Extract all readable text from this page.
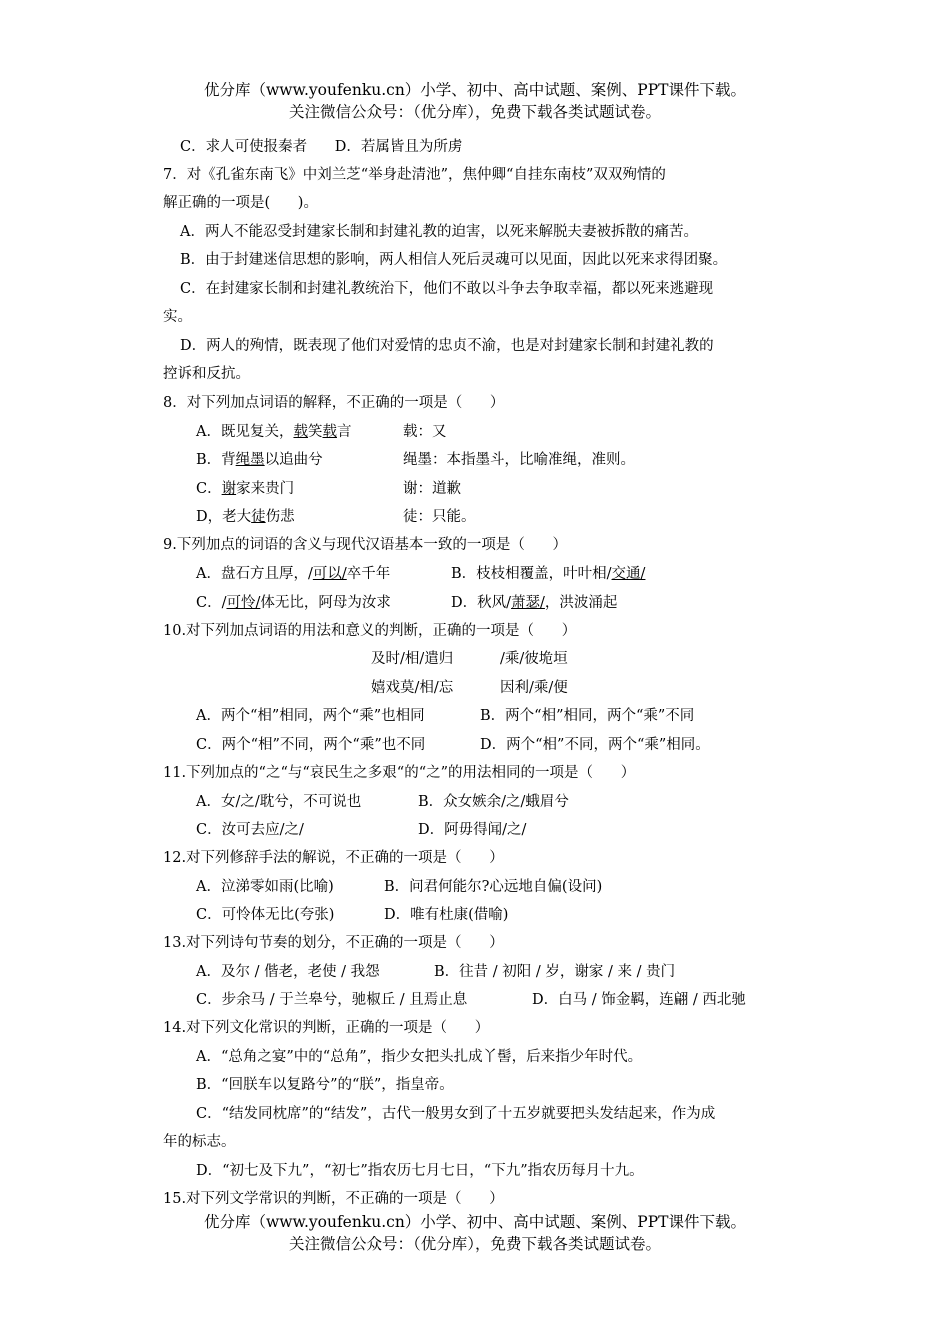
优分库（www.youfenku.cn）小学、初中、高中试题、案例、PPT课件下载。
关注微信公众号：（优分库），免费下载各类试题试卷。
C．求人可使报秦者      D．若属皆且为所虏
7．对《孔雀东南飞》中刘兰芝“举身赴清池”，焦仲卿“自挂东南枝”双双殉情的
解正确的一项是(      )。
A．两人不能忍受封建家长制和封建礼教的迫害，以死来解脱夫妻被拆散的痛苦。
B．由于封建迷信思想的影响，两人相信人死后灵魂可以见面，因此以死来求得团聚。
C．在封建家长制和封建礼教统治下，他们不敢以斗争去争取幸福，都以死来逃避现
实。
D．两人的殉情，既表现了他们对爱情的忠贞不渝，也是对封建家长制和封建礼教的
控诉和反抗。
8．对下列加点词语的解释，不正确的一项是（      ）
A．既见复关，载笑载言	载：又
B．背绳墨以追曲兮	绳墨：本指墨斗，比喻准绳，准则。
C．谢家来贵门	谢：道歉
D，老大徒伤悲	徒：只能。
9.下列加点的词语的含义与现代汉语基本一致的一项是（      ）
A．盘石方且厚，/可以/卒千年	B．枝枝相覆盖，叶叶相/交通/
C．/可怜/体无比，阿母为汝求	D．秋风/萧瑟/，洪波涌起
10.对下列加点词语的用法和意义的判断，正确的一项是（      ）
及时/相/遣归	/乘/彼垝垣
嬉戏莫/相/忘	因利/乘/便
A．两个“相”相同，两个“乘”也相同	B．两个“相”相同，两个“乘”不同
C．两个“相”不同，两个“乘”也不同	D．两个“相”不同，两个“乘”相同。
11.下列加点的“之“与“哀民生之多艰“的“之”的用法相同的一项是（      ）
A．女/之/耽兮，不可说也	B．众女嫉余/之/蛾眉兮
C．汝可去应/之/	D．阿毋得闻/之/
12.对下列修辞手法的解说，不正确的一项是（      ）
A．泣涕零如雨(比喻)	B．问君何能尔?心远地自偏(设问)
C．可怜体无比(夸张)	D．唯有杜康(借喻)
13.对下列诗句节奏的划分，不正确的一项是（      ）
A．及尔 / 偕老，老使 / 我怨	B．往昔 / 初阳 / 岁，谢家 / 来 / 贵门
C．步余马 / 于兰皋兮，驰椒丘 / 且焉止息	D．白马 / 饰金羁，连翩 / 西北驰
14.对下列文化常识的判断，正确的一项是（      ）
A．“总角之宴”中的“总角”，指少女把头扎成丫髻，后来指少年时代。
B．“回朕车以复路兮”的“朕”，指皇帝。
C．“结发同枕席”的“结发”，古代一般男女到了十五岁就要把头发结起来，作为成
年的标志。
D．“初七及下九”，“初七”指农历七月七日，“下九”指农历每月十九。
15.对下列文学常识的判断，不正确的一项是（      ）
优分库（www.youfenku.cn）小学、初中、高中试题、案例、PPT课件下载。
关注微信公众号：（优分库），免费下载各类试题试卷。
